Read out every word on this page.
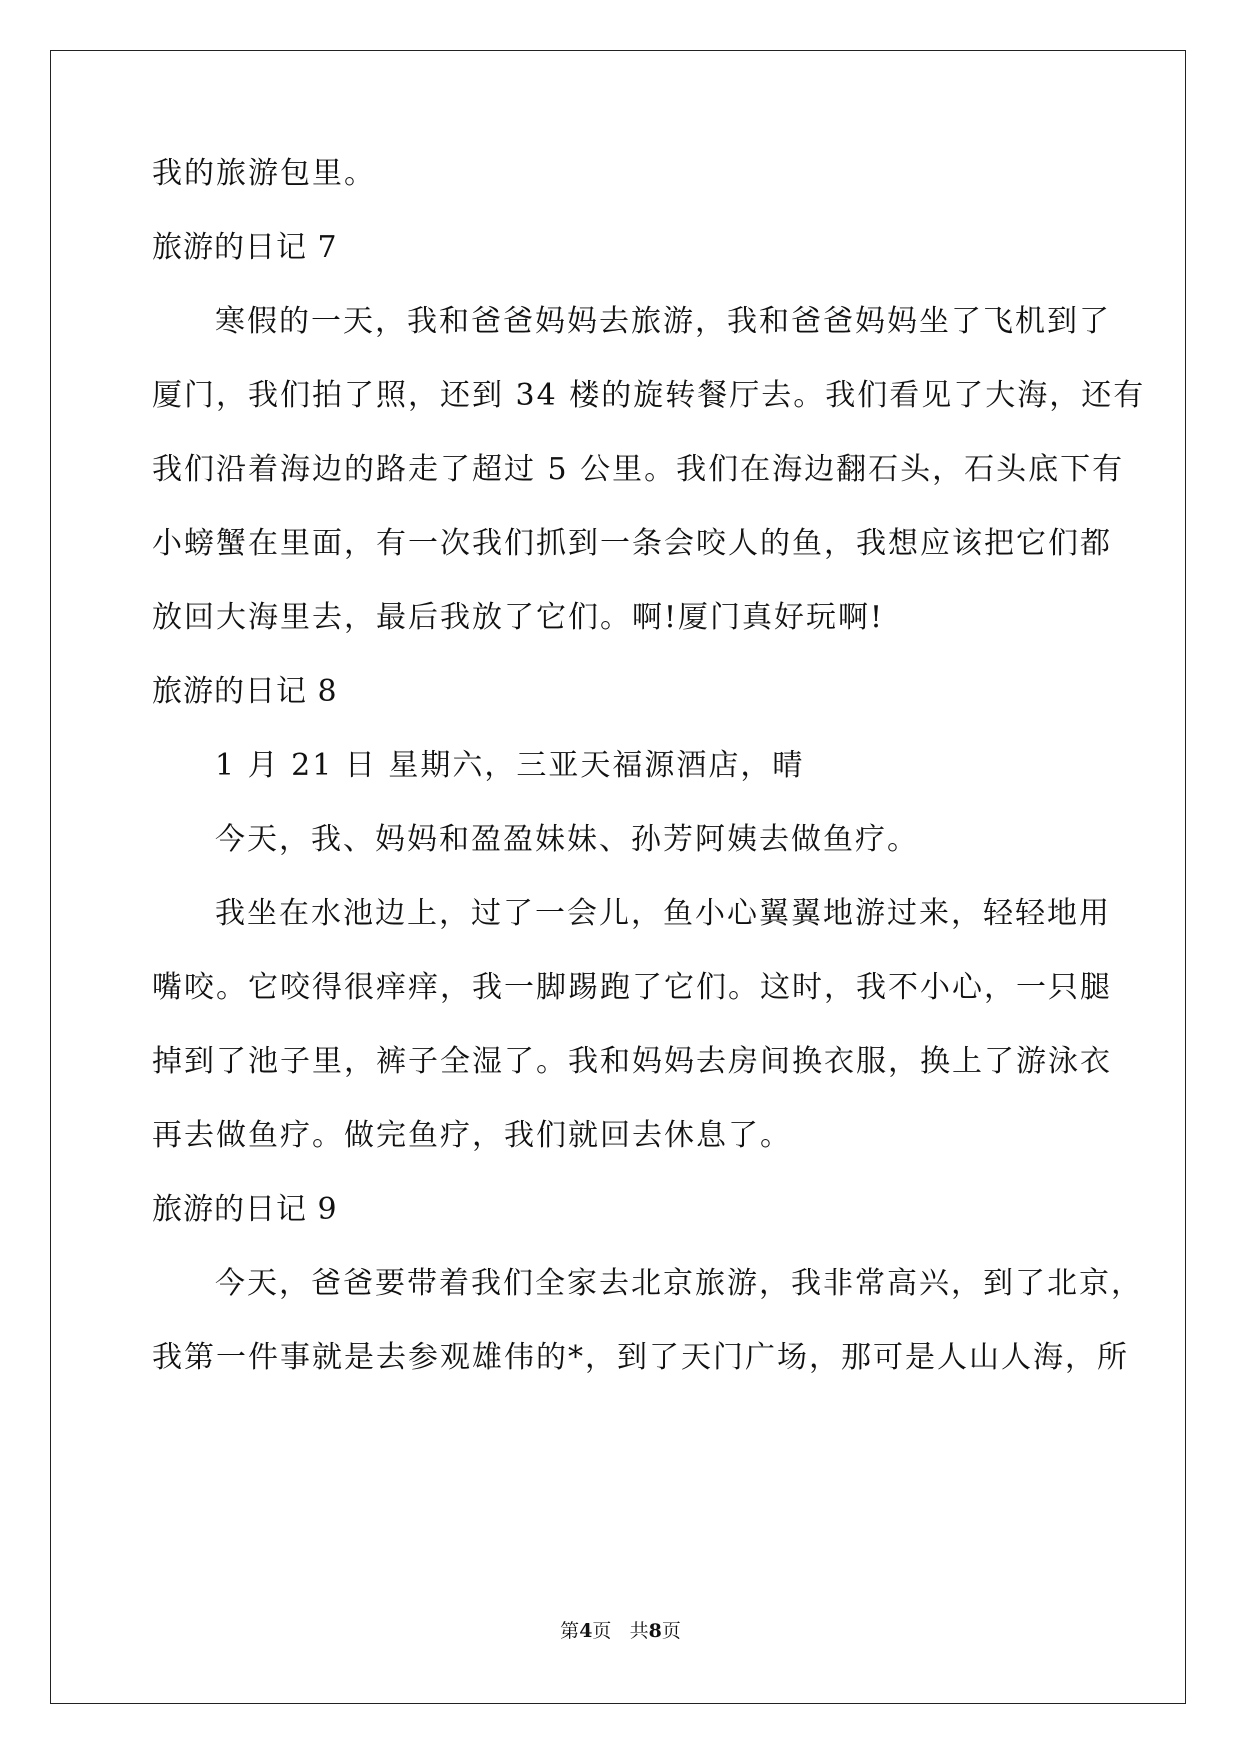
我的旅游包里。
旅游的日记 7
寒假的一天，我和爸爸妈妈去旅游，我和爸爸妈妈坐了飞机到了
厦门，我们拍了照，还到 34 楼的旋转餐厅去。我们看见了大海，还有
我们沿着海边的路走了超过 5 公里。我们在海边翻石头，石头底下有
小螃蟹在里面，有一次我们抓到一条会咬人的鱼，我想应该把它们都
放回大海里去，最后我放了它们。啊!厦门真好玩啊!
旅游的日记 8
1 月 21 日 星期六，三亚天福源酒店，晴
今天，我、妈妈和盈盈妹妹、孙芳阿姨去做鱼疗。
我坐在水池边上，过了一会儿，鱼小心翼翼地游过来，轻轻地用
嘴咬。它咬得很痒痒，我一脚踢跑了它们。这时，我不小心，一只腿
掉到了池子里，裤子全湿了。我和妈妈去房间换衣服，换上了游泳衣
再去做鱼疗。做完鱼疗，我们就回去休息了。
旅游的日记 9
今天，爸爸要带着我们全家去北京旅游，我非常高兴，到了北京，
我第一件事就是去参观雄伟的*，到了天门广场，那可是人山人海，所
第4页 共8页
